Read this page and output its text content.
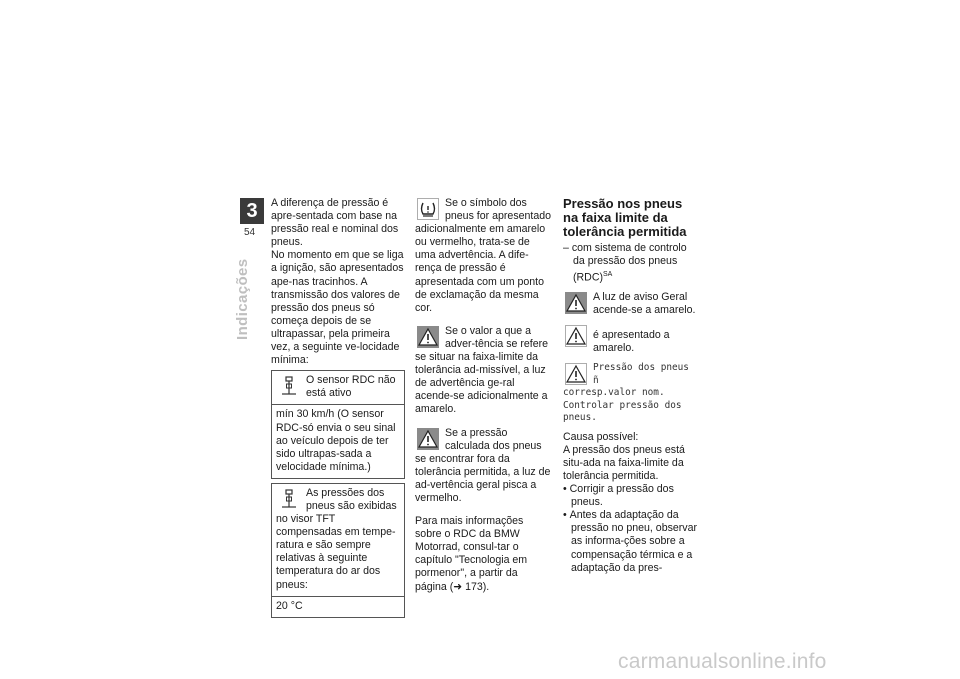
3
54
Indicações

A diferença de pressão é apre-sentada com base na pressão real e nominal dos pneus.

No momento em que se liga a ignição, são apresentados ape-nas tracinhos. A transmissão dos valores de pressão dos pneus só começa depois de se ultrapassar, pela primeira vez, a seguinte ve-locidade mínima:

O sensor RDC não está ativo

mín 30 km/h (O sensor RDC-só envia o seu sinal ao veículo depois de ter sido ultrapas-sada a velocidade mínima.)

As pressões dos pneus são exibidas no visor TFT compensadas em tempe-ratura e são sempre relativas à seguinte temperatura do ar dos pneus:

20 °C

Se o símbolo dos pneus for apresentado adicionalmente em amarelo ou vermelho, trata-se de uma advertência. A dife-rença de pressão é apresentada com um ponto de exclamação da mesma cor.

Se o valor a que a adver-tência se refere se situar na faixa-limite da tolerância ad-missível, a luz de advertência ge-ral acende-se adicionalmente a amarelo.

Se a pressão calculada dos pneus se encontrar fora da tolerância permitida, a luz de ad-vertência geral pisca a vermelho.

Para mais informações sobre o RDC da BMW Motorrad, consul-tar o capítulo "Tecnologia em pormenor", a partir da página (➜ 173).

Pressão nos pneus na faixa limite da tolerância permitida

– com sistema de controlo da pressão dos pneus (RDC)$^{SA}$

A luz de aviso Geral acende-se a amarelo.

é apresentado a amarelo.

Pressão dos pneus ñ
corresp.valor nom.
Controlar pressão dos
pneus.

Causa possível:

A pressão dos pneus está situ-ada na faixa-limite da tolerância permitida.

• Corrigir a pressão dos pneus.

• Antes da adaptação da pressão no pneu, observar as informa-ções sobre a compensação térmica e a adaptação da pres-

carmanualsonline.info
